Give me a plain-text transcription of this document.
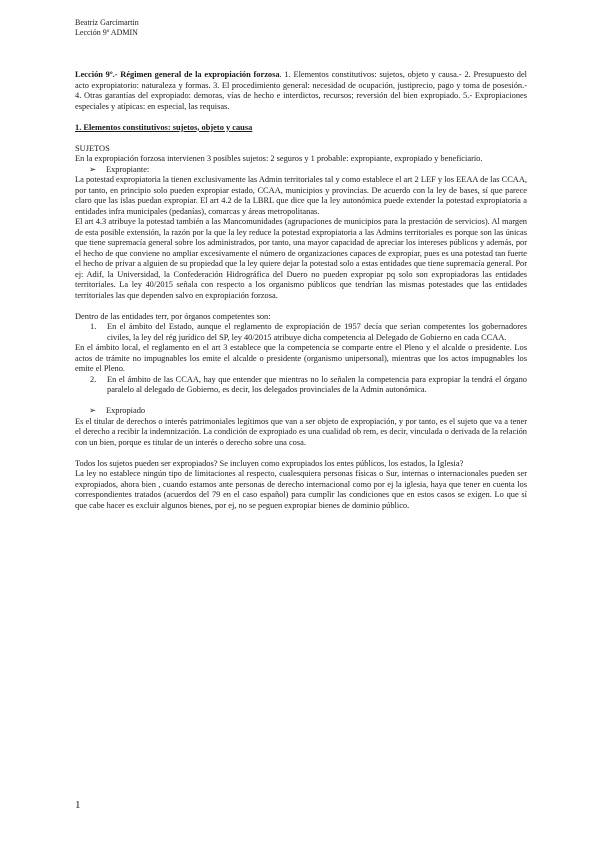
Beatriz Garcimartin
Lección 9º ADMIN

Lección 9º.- Régimen general de la expropiación forzosa. 1. Elementos constitutivos: sujetos, objeto y causa.- 2. Presupuesto del acto expropiatorio: naturaleza y formas. 3. El procedimiento general: necesidad de ocupación, justiprecio, pago y toma de posesión.- 4. Otras garantías del expropiado: demoras, vías de hecho e interdictos, recursos; reversión del bien expropiado. 5.- Expropiaciones especiales y atípicas: en especial, las requisas.

1. Elementos constitutivos: sujetos, objeto y causa

SUJETOS

En la expropiación forzosa intervienen 3 posibles sujetos: 2 seguros y 1 probable: expropiante, expropiado y beneficiario.

➢	Expropiante:

La potestad expropiatoria la tienen exclusivamente las Admin territoriales tal y como establece el art 2 LEF y los EEAA de las CCAA, por tanto, en principio solo pueden expropiar estado, CCAA, municipios y provincias. De acuerdo con la ley de bases, sí que parece claro que las islas puedan expropiar. El art 4.2 de la LBRL que dice que la ley autonómica puede extender la potestad expropiatoria a entidades infra municipales (pedanías), comarcas y áreas metropolitanas.

El art 4.3 atribuye la potestad también a las Mancomunidades (agrupaciones de municipios para la prestación de servicios). Al margen de esta posible extensión, la razón por la que la ley reduce la potestad expropiatoria a las Admins territoriales es porque son las únicas que tiene supremacía general sobre los administrados, por tanto, una mayor capacidad de apreciar los intereses públicos y además, por el hecho de que conviene no ampliar excesivamente el número de organizaciones capaces de expropiar, pues es una potestad tan fuerte el hecho de privar a alguien de su propiedad que la ley quiere dejar la potestad solo a estas entidades que tiene supremacía general. Por ej: Adif, la Universidad, la Confederación Hidrográfica del Duero no pueden expropiar pq solo son expropiadoras las entidades territoriales. La ley 40/2015 señala con respecto a los organismo públicos que tendrían las mismas potestades que las entidades territoriales las que dependen salvo en expropiación forzosa.

Dentro de las entidades terr, por órganos competentes son:

1.	En el ámbito del Estado, aunque el reglamento de expropiación de 1957 decía que serían competentes los gobernadores civiles, la ley del rég jurídico del SP, ley 40/2015 atribuye dicha competencia al Delegado de Gobierno en cada CCAA.

En el ámbito local, el reglamento en el art 3 establece que la competencia se comparte entre el Pleno y el alcalde o presidente. Los actos de trámite no impugnables los emite el alcalde o presidente (organismo unipersonal), mientras que los actos impugnables los emite el Pleno.

2.	En el ámbito de las CCAA, hay que entender que mientras no lo señalen la competencia para expropiar la tendrá el órgano paralelo al delegado de Gobierno, es decir, los delegados provinciales de la Admin autonómica.

➢	Expropiado

Es el titular de derechos o interés patrimoniales legítimos que van a ser objeto de expropiación, y por tanto, es el sujeto que va a tener el derecho a recibir la indemnización. La condición de expropiado es una cualidad ob rem, es decir, vinculada o derivada de la relación con un bien, porque es titular de un interés o derecho sobre una cosa.

Todos los sujetos pueden ser expropiados? Se incluyen como expropiados los entes públicos, los estados, la Iglesia?

La ley no establece ningún tipo de limitaciones al respecto, cualesquiera personas físicas o Sur, internas o internacionales pueden ser expropiados, ahora bien , cuando estamos ante personas de derecho internacional como por ej la iglesia, haya que tener en cuenta los correspondientes tratados (acuerdos del 79 en el caso español) para cumplir las condiciones que en estos casos se exigen. Lo que sí que cabe hacer es excluir algunos bienes, por ej, no se peguen expropiar bienes de dominio público.

1
